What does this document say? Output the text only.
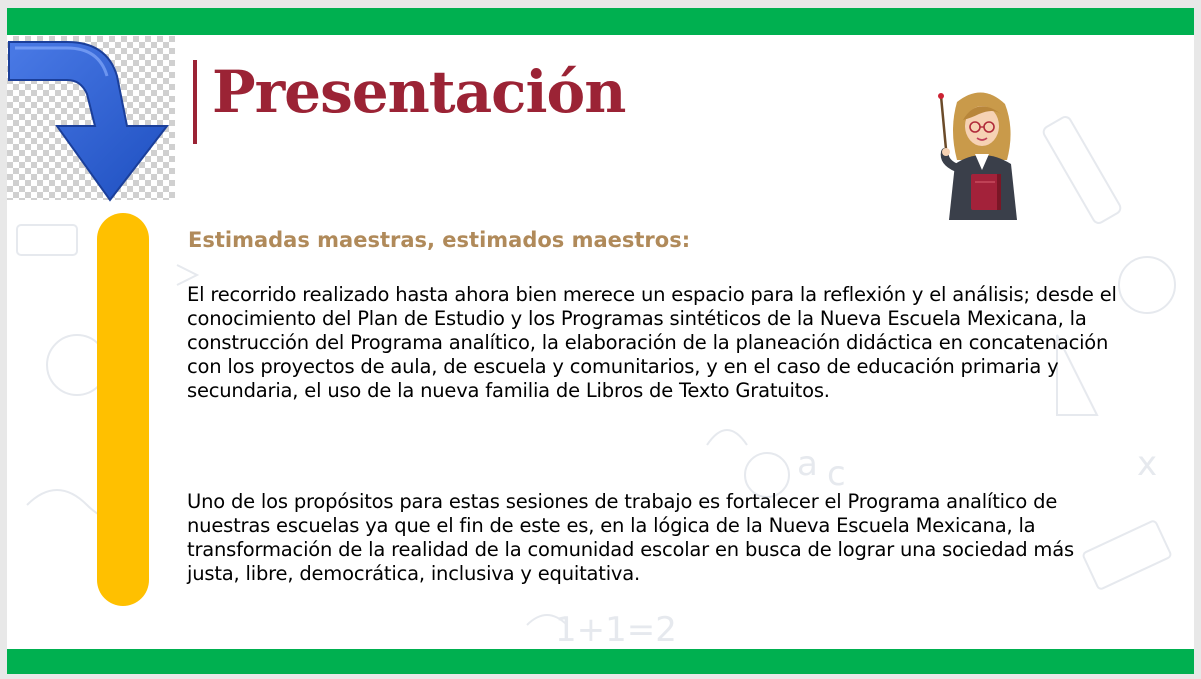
1+1=2
a c	x
Presentación
Estimadas maestras, estimados maestros:

El recorrido realizado hasta ahora bien merece un espacio para la reflexión y el análisis; desde el conocimiento del Plan de Estudio y los Programas sintéticos de la Nueva Escuela Mexicana, la construcción del Programa analítico, la elaboración de la planeación didáctica en concatenación con los proyectos de aula, de escuela y comunitarios, y en el caso de educación primaria y secundaria, el uso de la nueva familia de Libros de Texto Gratuitos.

Uno de los propósitos para estas sesiones de trabajo es fortalecer el Programa analítico de nuestras escuelas ya que el fin de este es, en la lógica de la Nueva Escuela Mexicana, la transformación de la realidad de la comunidad escolar en busca de lograr una sociedad más justa, libre, democrática, inclusiva y equitativa.
